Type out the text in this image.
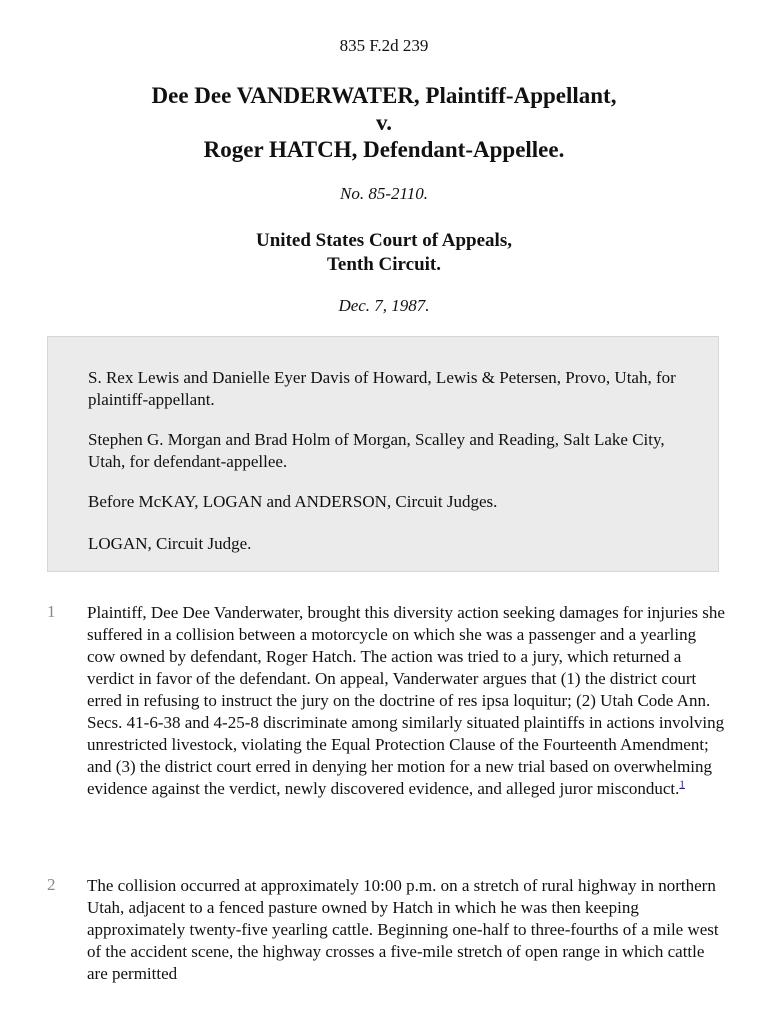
835 F.2d 239
Dee Dee VANDERWATER, Plaintiff-Appellant,
v.
Roger HATCH, Defendant-Appellee.
No. 85-2110.
United States Court of Appeals,
Tenth Circuit.
Dec. 7, 1987.

S. Rex Lewis and Danielle Eyer Davis of Howard, Lewis & Petersen, Provo, Utah, for plaintiff-appellant.

Stephen G. Morgan and Brad Holm of Morgan, Scalley and Reading, Salt Lake City, Utah, for defendant-appellee.

Before McKAY, LOGAN and ANDERSON, Circuit Judges.

LOGAN, Circuit Judge.

1 Plaintiff, Dee Dee Vanderwater, brought this diversity action seeking damages for injuries she suffered in a collision between a motorcycle on which she was a passenger and a yearling cow owned by defendant, Roger Hatch. The action was tried to a jury, which returned a verdict in favor of the defendant. On appeal, Vanderwater argues that (1) the district court erred in refusing to instruct the jury on the doctrine of res ipsa loquitur; (2) Utah Code Ann. Secs. 41-6-38 and 4-25-8 discriminate among similarly situated plaintiffs in actions involving unrestricted livestock, violating the Equal Protection Clause of the Fourteenth Amendment; and (3) the district court erred in denying her motion for a new trial based on overwhelming evidence against the verdict, newly discovered evidence, and alleged juror misconduct.$^1$
2 The collision occurred at approximately 10:00 p.m. on a stretch of rural highway in northern Utah, adjacent to a fenced pasture owned by Hatch in which he was then keeping approximately twenty-five yearling cattle. Beginning one-half to three-fourths of a mile west of the accident scene, the highway crosses a five-mile stretch of open range in which cattle are permitted
